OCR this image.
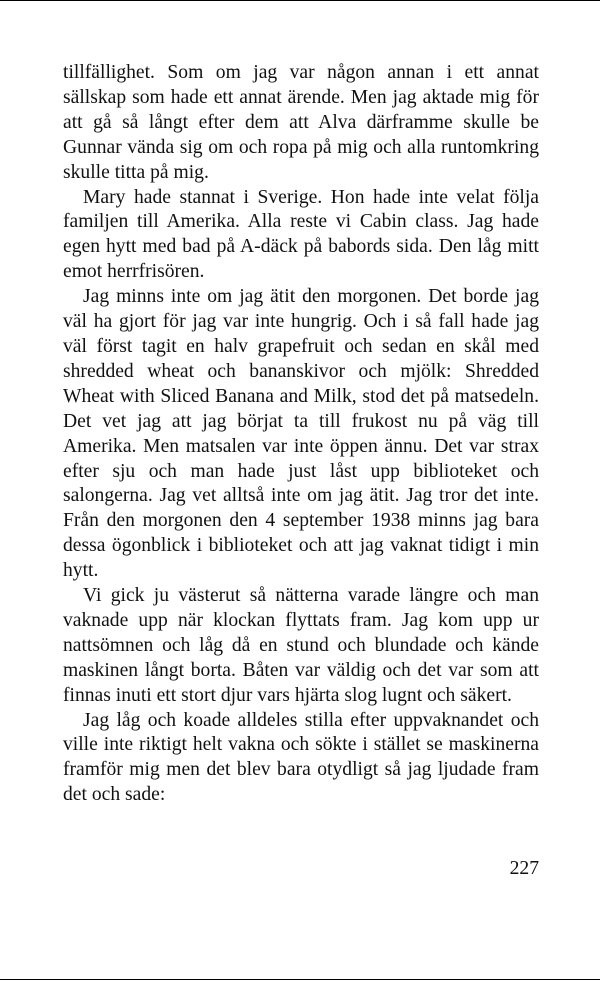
tillfällighet. Som om jag var någon annan i ett annat sällskap som hade ett annat ärende. Men jag aktade mig för att gå så långt efter dem att Alva därframme skulle be Gunnar vända sig om och ropa på mig och alla runtomkring skulle titta på mig.

Mary hade stannat i Sverige. Hon hade inte velat följa familjen till Amerika. Alla reste vi Cabin class. Jag hade egen hytt med bad på A-däck på babords sida. Den låg mitt emot herrfrisören.

Jag minns inte om jag ätit den morgonen. Det borde jag väl ha gjort för jag var inte hungrig. Och i så fall hade jag väl först tagit en halv grapefruit och sedan en skål med shredded wheat och bananskivor och mjölk: Shredded Wheat with Sliced Banana and Milk, stod det på matsedeln. Det vet jag att jag börjat ta till frukost nu på väg till Amerika. Men matsalen var inte öppen ännu. Det var strax efter sju och man hade just låst upp biblioteket och salongerna. Jag vet alltså inte om jag ätit. Jag tror det inte. Från den morgonen den 4 september 1938 minns jag bara dessa ögonblick i biblioteket och att jag vaknat tidigt i min hytt.

Vi gick ju västerut så nätterna varade längre och man vaknade upp när klockan flyttats fram. Jag kom upp ur nattsömnen och låg då en stund och blundade och kände maskinen långt borta. Båten var väldig och det var som att finnas inuti ett stort djur vars hjärta slog lugnt och säkert.

Jag låg och koade alldeles stilla efter uppvaknandet och ville inte riktigt helt vakna och sökte i stället se maskinerna framför mig men det blev bara otydligt så jag ljudade fram det och sade:

227
